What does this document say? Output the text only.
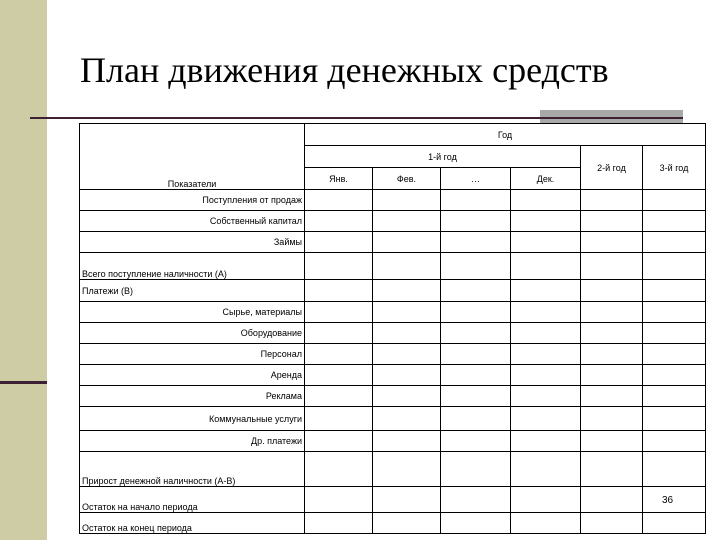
План движения денежных средств
Показатели	Год					
	1-й год				2-й год	3-й год
	Янв.	Фев.	…	Дек.		
Поступления от продаж						
Собственный капитал						
Займы						
Всего поступление наличности (А)						
Платежи (В)						
Сырье, материалы						
Оборудование						
Персонал						
Аренда						
Реклама						
Коммунальные услуги						
Др. платежи						
Прирост денежной наличности (А-В)						
Остаток на начало периода						
Остаток на конец периода						
36
